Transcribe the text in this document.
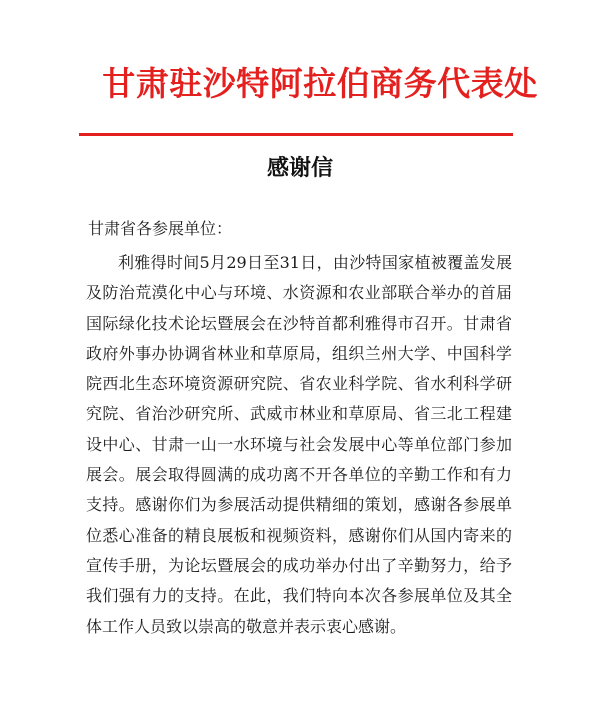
甘肃驻沙特阿拉伯商务代表处
感谢信
甘肃省各参展单位：

利雅得时间5月29日至31日，由沙特国家植被覆盖发展及防治荒漠化中心与环境、水资源和农业部联合举办的首届国际绿化技术论坛暨展会在沙特首都利雅得市召开。甘肃省政府外事办协调省林业和草原局，组织兰州大学、中国科学院西北生态环境资源研究院、省农业科学院、省水利科学研究院、省治沙研究所、武威市林业和草原局、省三北工程建设中心、甘肃一山一水环境与社会发展中心等单位部门参加展会。展会取得圆满的成功离不开各单位的辛勤工作和有力支持。感谢你们为参展活动提供精细的策划，感谢各参展单位悉心准备的精良展板和视频资料，感谢你们从国内寄来的宣传手册，为论坛暨展会的成功举办付出了辛勤努力，给予我们强有力的支持。在此，我们特向本次各参展单位及其全体工作人员致以崇高的敬意并表示衷心感谢。
